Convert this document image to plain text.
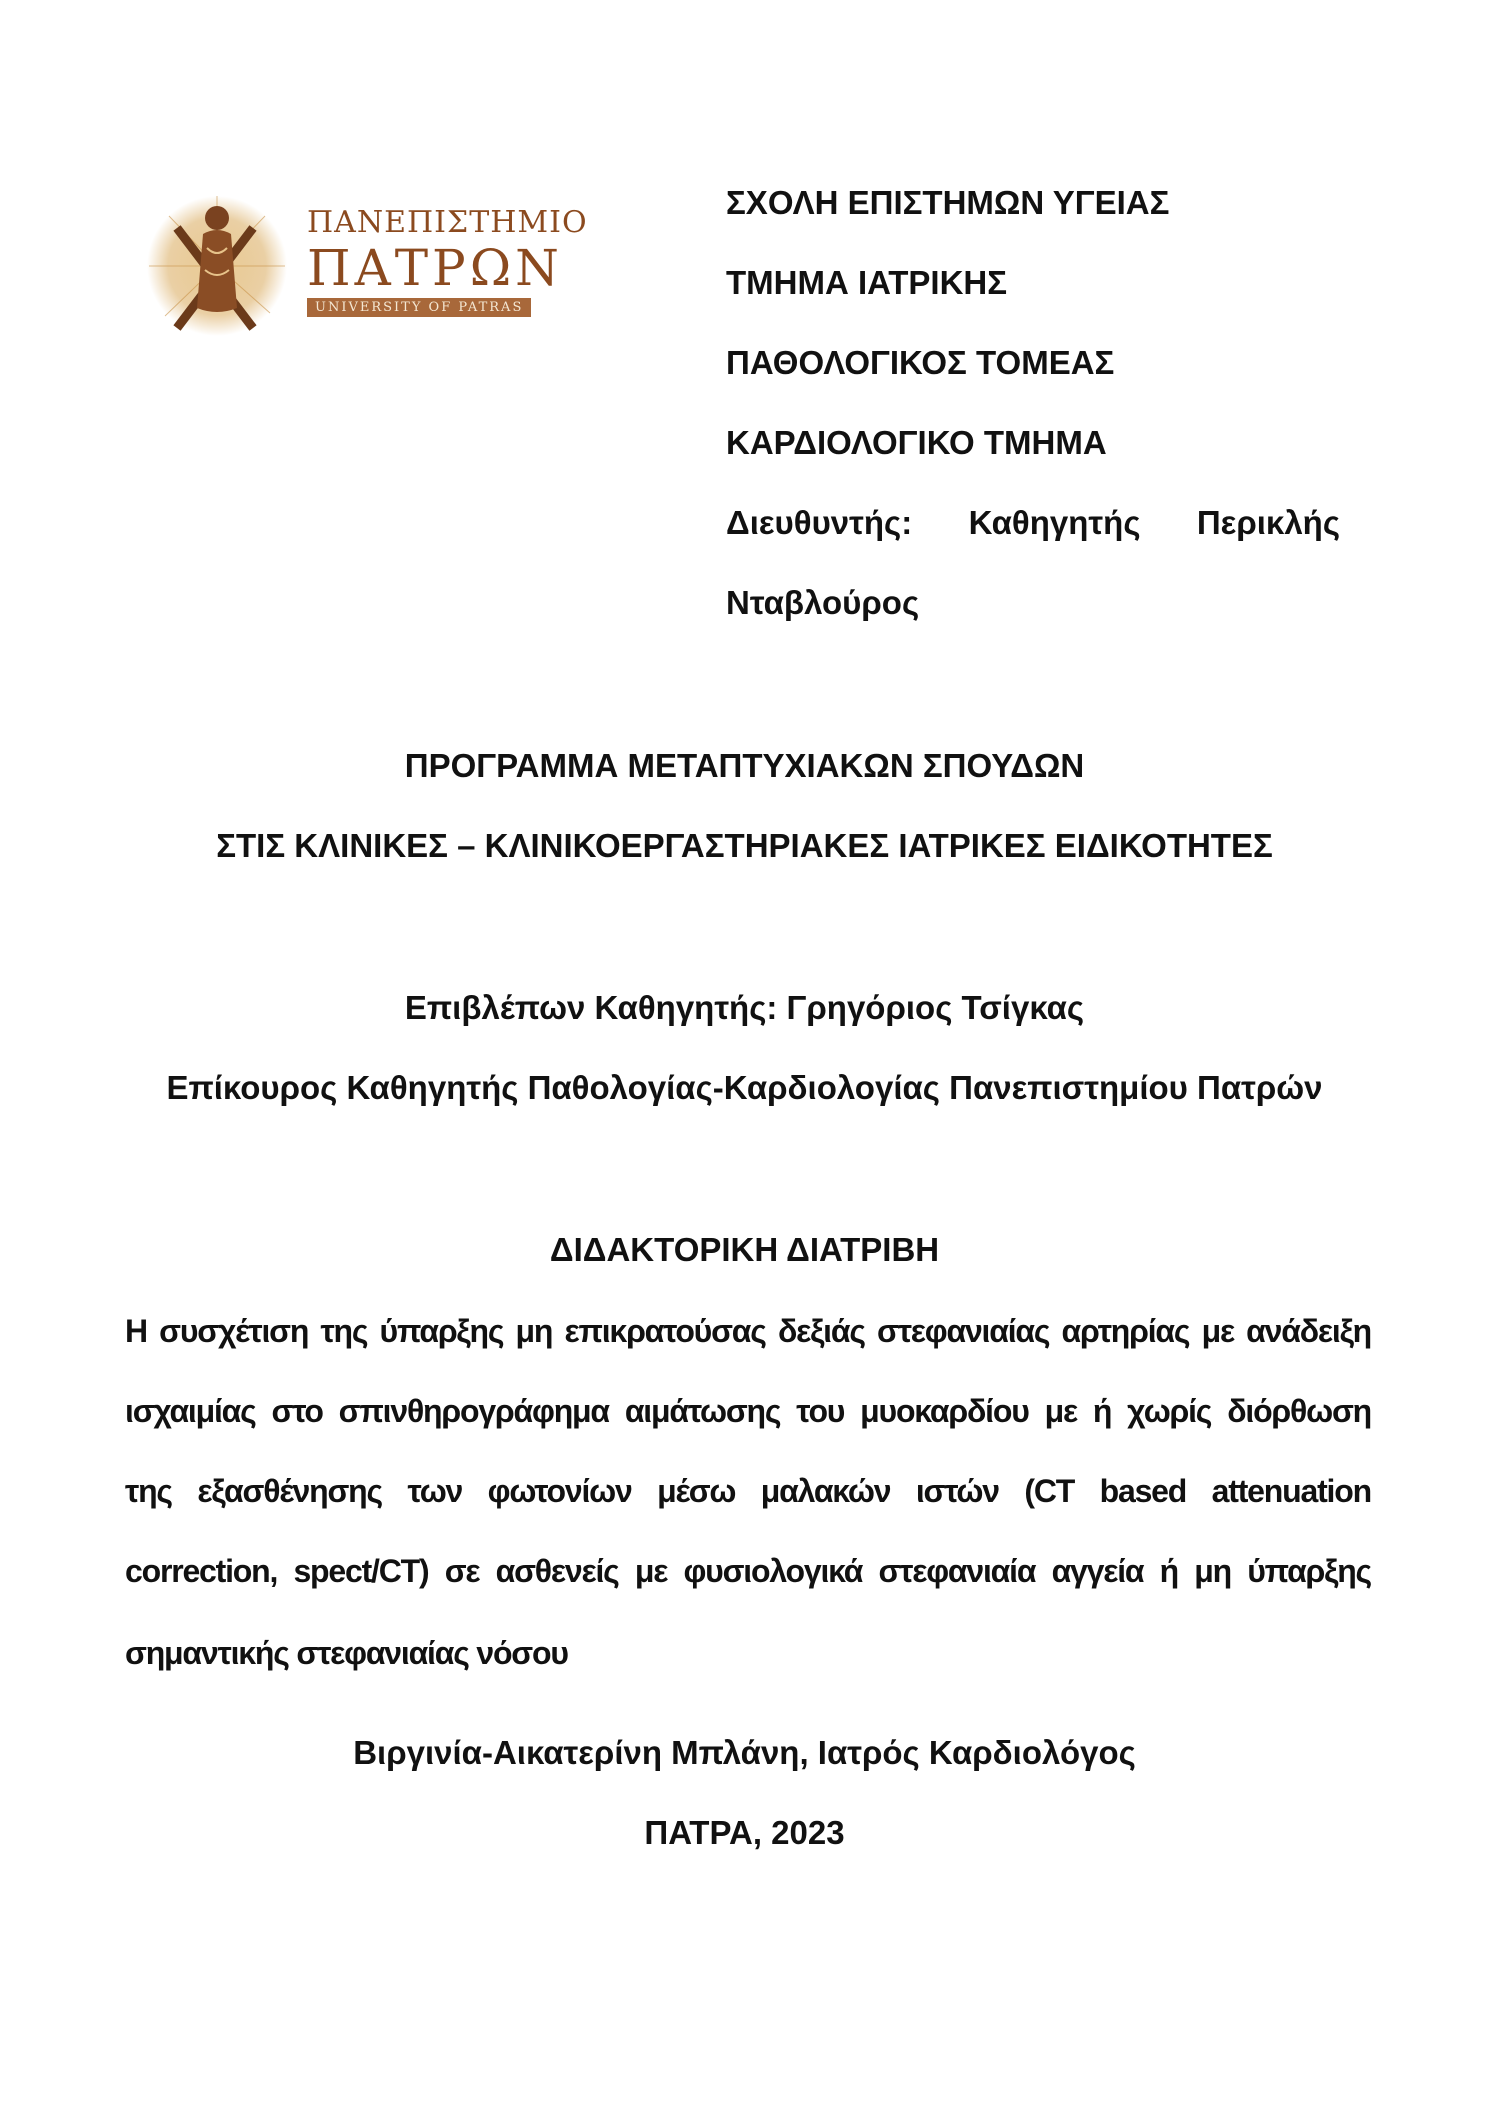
ΠΑΝΕΠΙΣΤΗΜΙΟ
ΠΑΤΡΩΝ
UNIVERSITY OF PATRAS
ΣΧΟΛΗ ΕΠΙΣΤΗΜΩΝ ΥΓΕΙΑΣ
ΤΜΗΜΑ ΙΑΤΡΙΚΗΣ
ΠΑΘΟΛΟΓΙΚΟΣ ΤΟΜΕΑΣ
ΚΑΡΔΙΟΛΟΓΙΚΟ ΤΜΗΜΑ
Διευθυντής: Καθηγητής Περικλής
Νταβλούρος
ΠΡΟΓΡΑΜΜΑ ΜΕΤΑΠΤΥΧΙΑΚΩΝ ΣΠΟΥΔΩΝ
ΣΤΙΣ ΚΛΙΝΙΚΕΣ – ΚΛΙΝΙΚΟΕΡΓΑΣΤΗΡΙΑΚΕΣ ΙΑΤΡΙΚΕΣ ΕΙΔΙΚΟΤΗΤΕΣ
Επιβλέπων Καθηγητής: Γρηγόριος Τσίγκας
Επίκουρος Καθηγητής Παθολογίας-Καρδιολογίας Πανεπιστημίου Πατρών
ΔΙΔΑΚΤΟΡΙΚΗ ΔΙΑΤΡΙΒΗ
Η συσχέτιση της ύπαρξης μη επικρατούσας δεξιάς στεφανιαίας αρτηρίας με ανάδειξη
ισχαιμίας στο σπινθηρογράφημα αιμάτωσης του μυοκαρδίου με ή χωρίς διόρθωση
της εξασθένησης των φωτονίων μέσω μαλακών ιστών (CT based attenuation
correction, spect/CT) σε ασθενείς με φυσιολογικά στεφανιαία αγγεία ή μη ύπαρξης
σημαντικής στεφανιαίας νόσου
Βιργινία-Αικατερίνη Μπλάνη, Ιατρός Καρδιολόγος
ΠΑΤΡΑ, 2023
